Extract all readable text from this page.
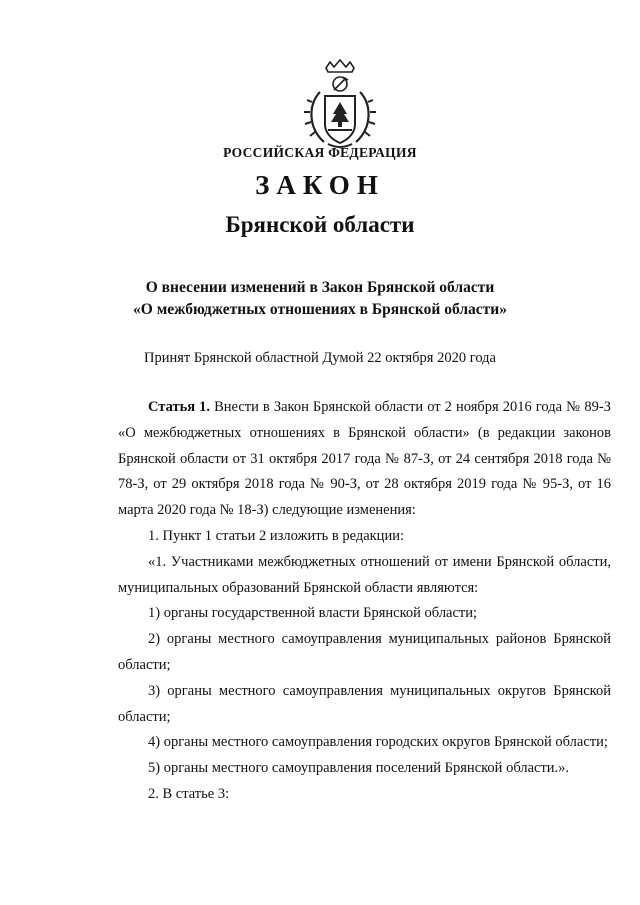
РОССИЙСКАЯ ФЕДЕРАЦИЯ
ЗАКОН
Брянской области
О внесении изменений в Закон Брянской области
«О межбюджетных отношениях в Брянской области»
Принят Брянской областной Думой 22 октября 2020 года

Статья 1. Внести в Закон Брянской области от 2 ноября 2016 года № 89-З «О межбюджетных отношениях в Брянской области» (в редакции законов Брянской области от 31 октября 2017 года № 87-З, от 24 сентября 2018 года № 78-З, от 29 октября 2018 года № 90-З, от 28 октября 2019 года № 95-З, от 16 марта 2020 года № 18-З) следующие изменения:

1. Пункт 1 статьи 2 изложить в редакции:

«1. Участниками межбюджетных отношений от имени Брянской области, муниципальных образований Брянской области являются:

1) органы государственной власти Брянской области;

2) органы местного самоуправления муниципальных районов Брянской области;

3) органы местного самоуправления муниципальных округов Брянской области;

4) органы местного самоуправления городских округов Брянской области;

5) органы местного самоуправления поселений Брянской области.».

2. В статье 3:
